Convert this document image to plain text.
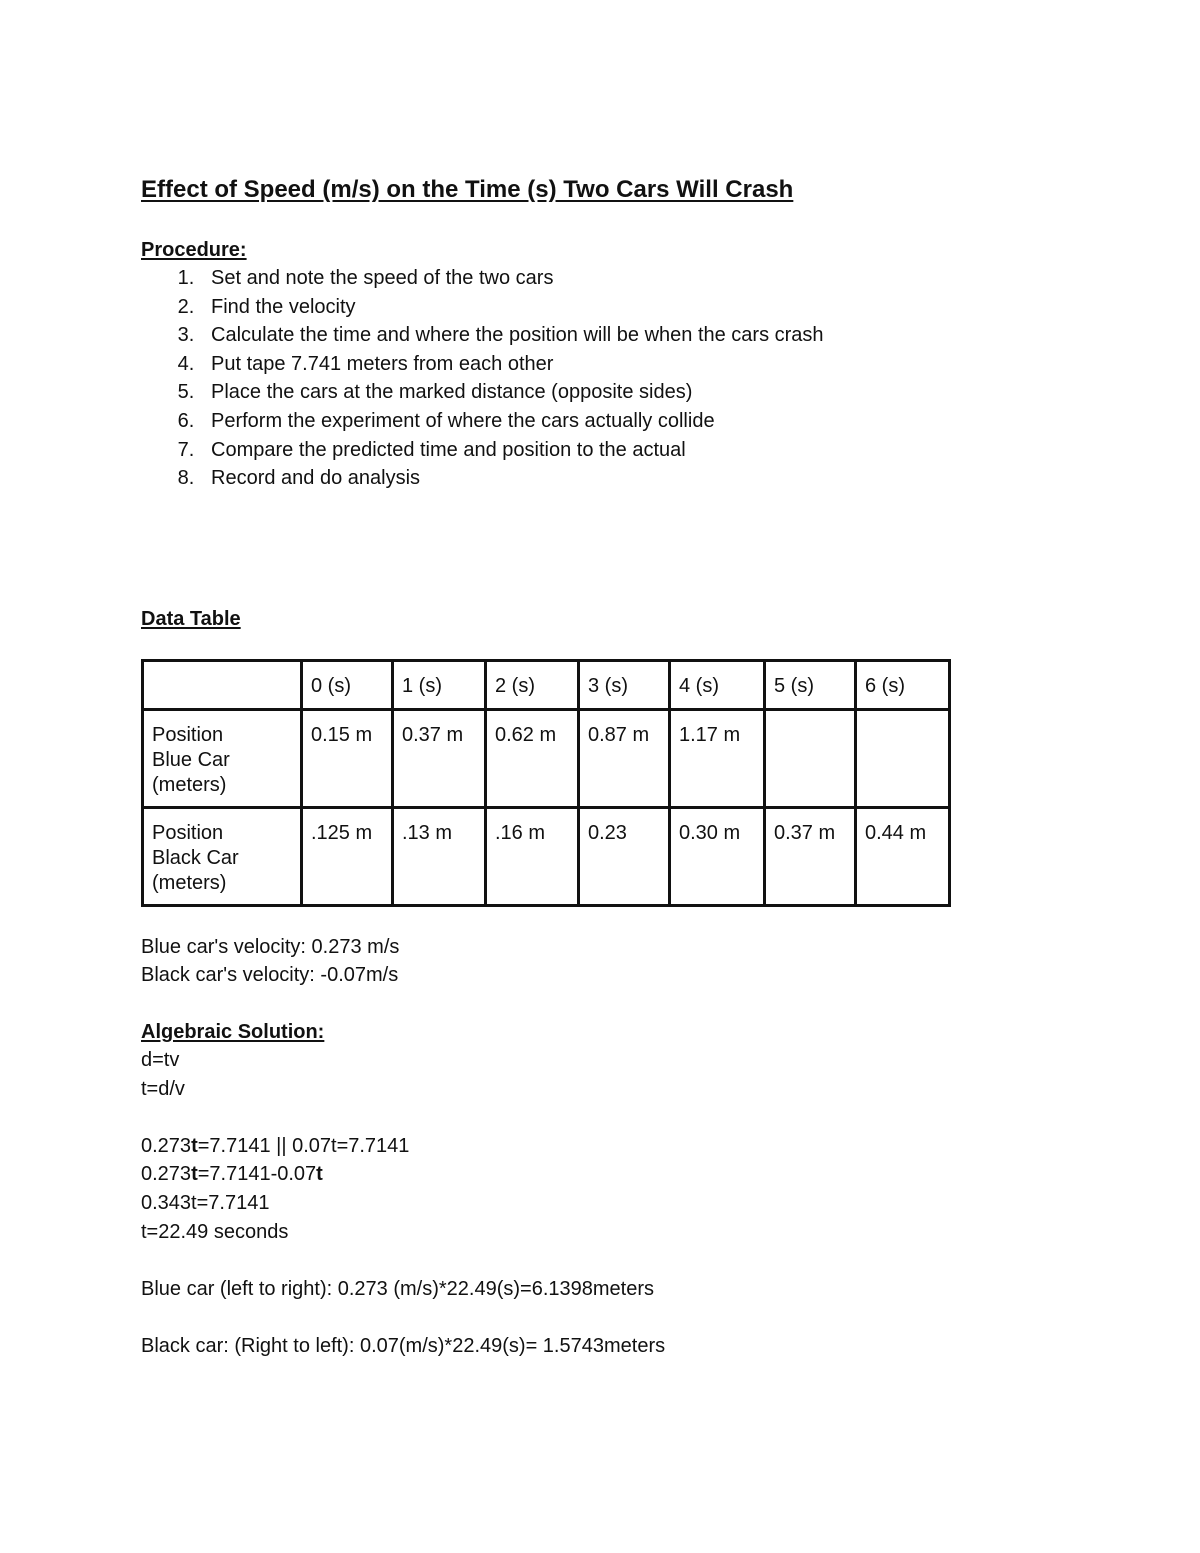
Effect of Speed (m/s) on the Time (s) Two Cars Will Crash
Procedure:
1. Set and note the speed of the two cars
2. Find the velocity
3. Calculate the time and where the position will be when the cars crash
4. Put tape 7.741 meters from each other
5. Place the cars at the marked distance (opposite sides)
6. Perform the experiment of where the cars actually collide
7. Compare the predicted time and position to the actual
8. Record and do analysis
Data Table
	0 (s)	1 (s)	2 (s)	3 (s)	4 (s)	5 (s)	6 (s)

Position
Blue Car
(meters)	0.15 m	0.37 m	0.62 m	0.87 m	1.17 m		

Position
Black Car
(meters)	.125 m	.13 m	.16 m	0.23	0.30 m	0.37 m	0.44 m

Blue car's velocity: 0.273 m/s

Black car's velocity: -0.07m/s

Algebraic Solution:

d=tv

t=d/v

0.273t=7.7141 || 0.07t=7.7141

0.273t=7.7141-0.07t

0.343t=7.7141

t=22.49 seconds

Blue car (left to right): 0.273 (m/s)*22.49(s)=6.1398meters

Black car: (Right to left): 0.07(m/s)*22.49(s)= 1.5743meters
